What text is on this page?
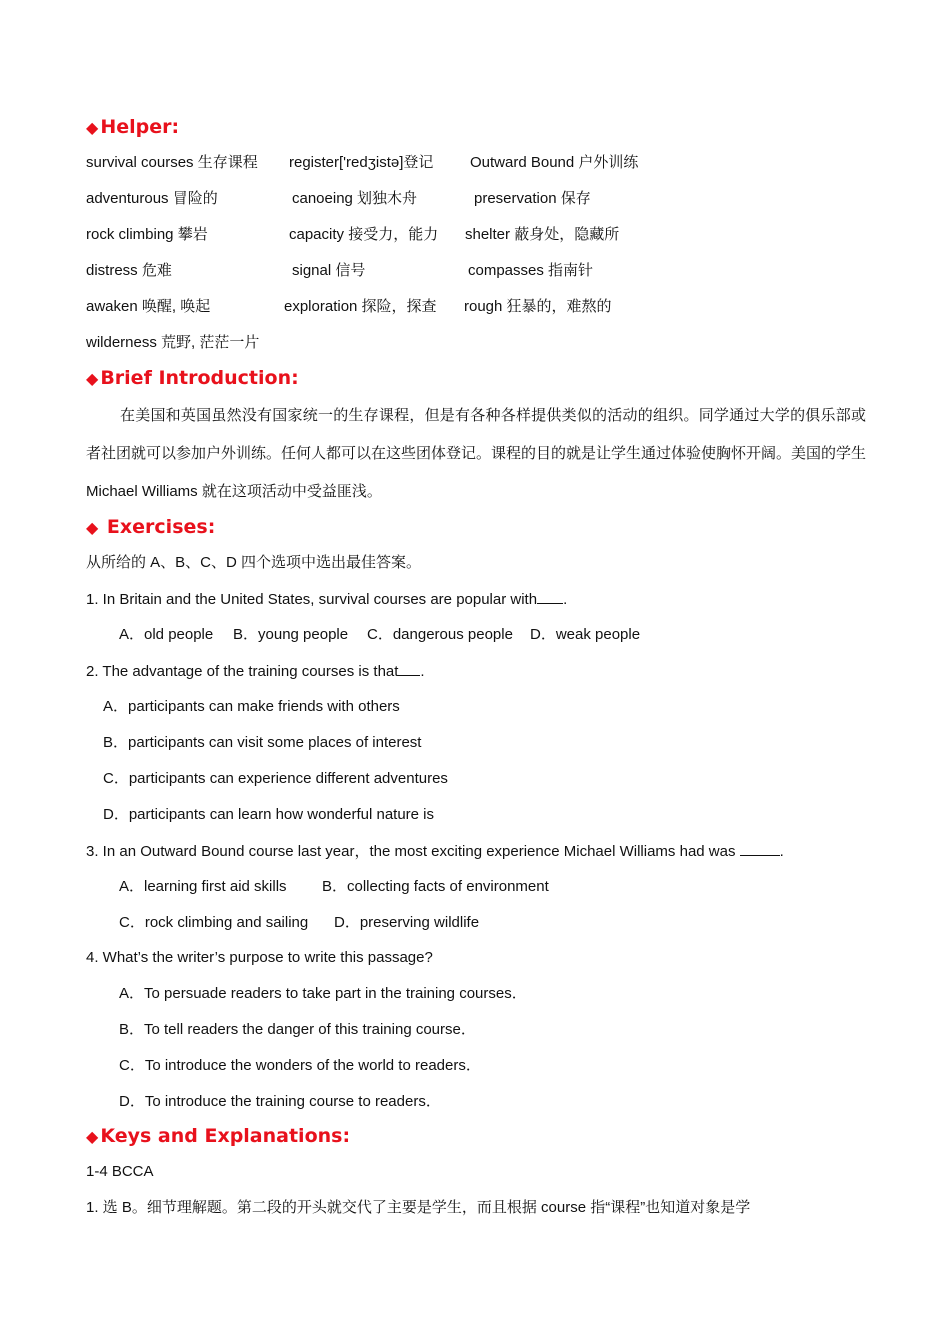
◆ Helper:
survival courses 生存课程 register['redʒistə]登记 Outward Bound 户外训练
adventurous 冒险的	canoeing 划独木舟	preservation 保存
rock climbing 攀岩	capacity 接受力，能力 shelter 蔽身处，隐藏所
distress 危难	signal 信号	compasses 指南针
awaken 唤醒, 唤起	exploration 探险，探查 rough 狂暴的，难熬的
wilderness 荒野, 茫茫一片
◆ Brief Introduction:
在美国和英国虽然没有国家统一的生存课程，但是有各种各样提供类似的活动的组织。同学通过大学的俱乐部或者社团就可以参加户外训练。任何人都可以在这些团体登记。课程的目的就是让学生通过体验使胸怀开阔。美国的学生 Michael Williams 就在这项活动中受益匪浅。
◆ Exercises:
从所给的 A、B、C、D 四个选项中选出最佳答案。
1. In Britain and the United States, survival courses are popular with .
A．old people B．young people C．dangerous people D．weak people
2. The advantage of the training courses is that .
A．participants can make friends with others
B．participants can visit some places of interest
C．participants can experience different adventures
D．participants can learn how wonderful nature is
3. In an Outward Bound course last year，the most exciting experience Michael Williams had was	.
A．learning first aid skills B．collecting facts of environment
C．rock climbing and sailing D．preserving wildlife
4. What’s the writer’s purpose to write this passage?
A．To persuade readers to take part in the training courses．
B．To tell readers the danger of this training course．
C．To introduce the wonders of the world to readers．
D．To introduce the training course to readers．
◆ Keys and Explanations:
1-4 BCCA
1. 选 B。细节理解题。第二段的开头就交代了主要是学生，而且根据 course 指“课程”也知道对象是学
